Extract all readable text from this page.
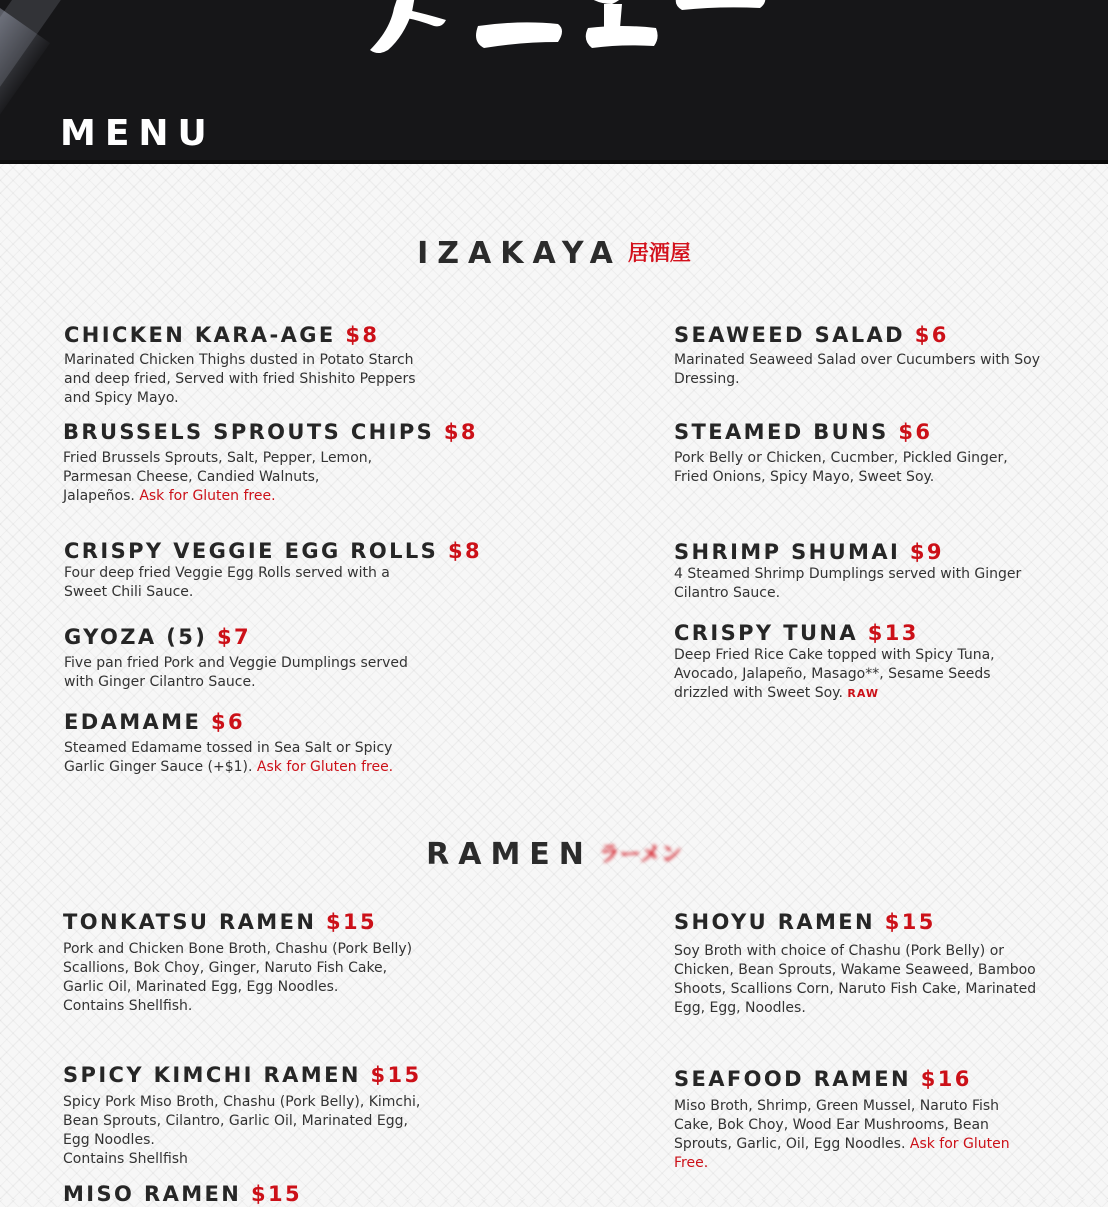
MENU
IZAKAYA 居酒屋
CHICKEN KARA-AGE $8

Marinated Chicken Thighs dusted in Potato Starch and deep fried, Served with fried Shishito Peppers and Spicy Mayo.

BRUSSELS SPROUTS CHIPS $8

Fried Brussels Sprouts, Salt, Pepper, Lemon, Parmesan Cheese, Candied Walnuts, Jalapeños. Ask for Gluten free.

CRISPY VEGGIE EGG ROLLS $8

Four deep fried Veggie Egg Rolls served with a Sweet Chili Sauce.

GYOZA (5) $7

Five pan fried Pork and Veggie Dumplings served with Ginger Cilantro Sauce.

EDAMAME $6

Steamed Edamame tossed in Sea Salt or Spicy Garlic Ginger Sauce (+$1). Ask for Gluten free.

SEAWEED SALAD $6

Marinated Seaweed Salad over Cucumbers with Soy Dressing.

STEAMED BUNS $6

Pork Belly or Chicken, Cucmber, Pickled Ginger, Fried Onions, Spicy Mayo, Sweet Soy.

SHRIMP SHUMAI $9

4 Steamed Shrimp Dumplings served with Ginger Cilantro Sauce.

CRISPY TUNA $13

Deep Fried Rice Cake topped with Spicy Tuna, Avocado, Jalapeño, Masago**, Sesame Seeds drizzled with Sweet Soy. RAW

RAMEN ラーメン
TONKATSU RAMEN $15

Pork and Chicken Bone Broth, Chashu (Pork Belly) Scallions, Bok Choy, Ginger, Naruto Fish Cake, Garlic Oil, Marinated Egg, Egg Noodles.

Contains Shellfish.

SPICY KIMCHI RAMEN $15

Spicy Pork Miso Broth, Chashu (Pork Belly), Kimchi, Bean Sprouts, Cilantro, Garlic Oil, Marinated Egg, Egg Noodles.

Contains Shellfish

MISO RAMEN $15
SHOYU RAMEN $15

Soy Broth with choice of Chashu (Pork Belly) or Chicken, Bean Sprouts, Wakame Seaweed, Bamboo Shoots, Scallions Corn, Naruto Fish Cake, Marinated Egg, Egg, Noodles.

SEAFOOD RAMEN $16

Miso Broth, Shrimp, Green Mussel, Naruto Fish Cake, Bok Choy, Wood Ear Mushrooms, Bean Sprouts, Garlic, Oil, Egg Noodles. Ask for Gluten Free.
